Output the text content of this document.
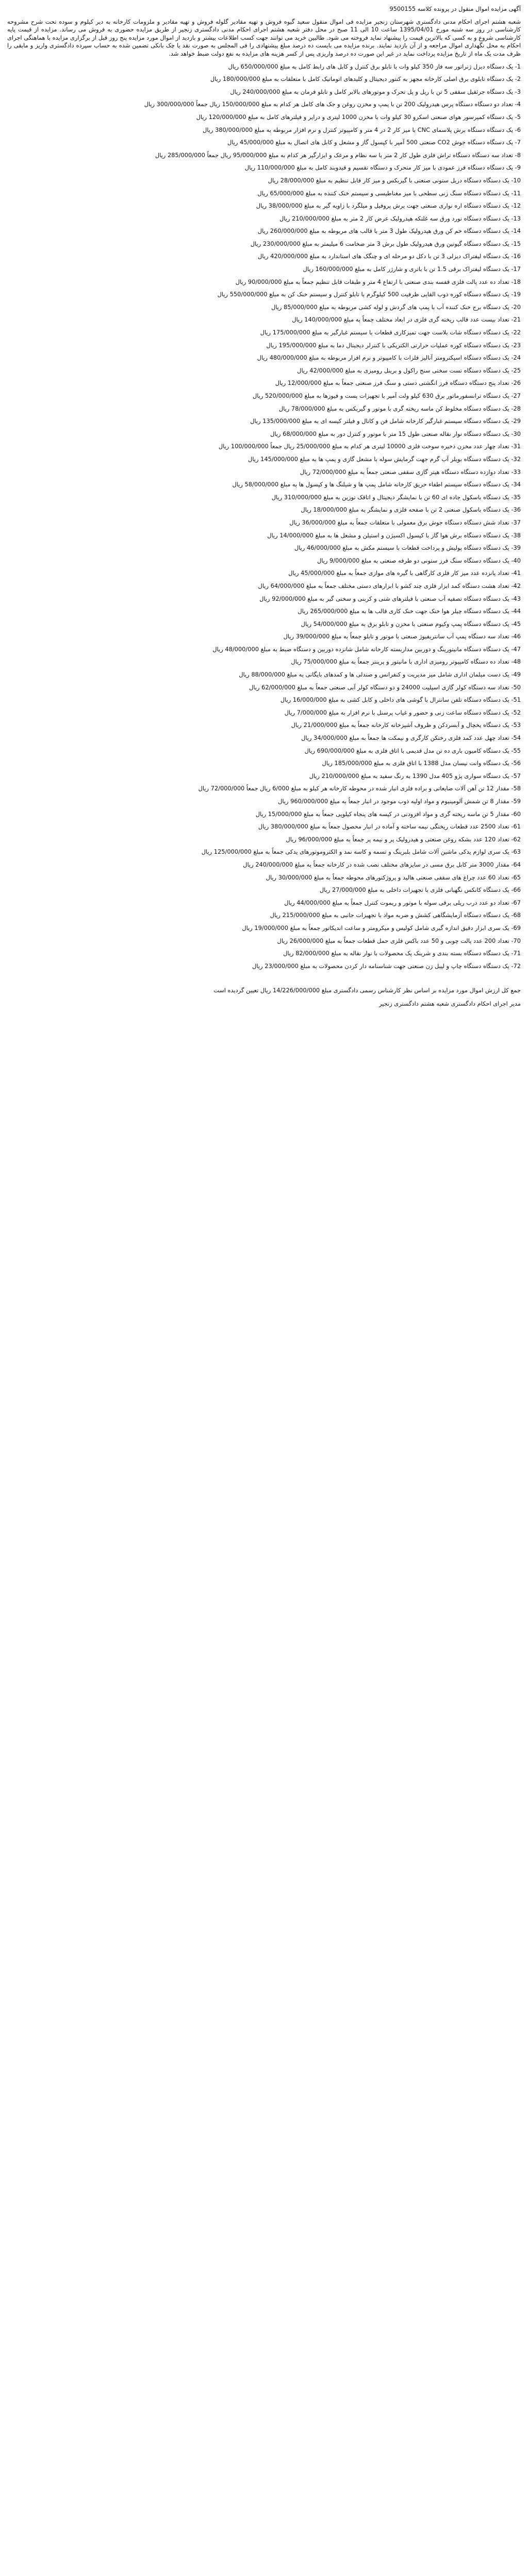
آگهی مزایده اموال منقول در پرونده کلاسه 9500155

شعبه هشتم اجرای احکام مدنی دادگستری شهرستان زنجیر مزایده فی اموال منقول سعید گیوه فروش و تهیه مقادیر گلوله فروش و تهیه مقادیر و ملزومات کارخانه به دیر کیلوم و سوده تحت شرح مشروحه کارشناسی در روز سه شنبه مورخ 1395/04/01 ساعت 10 الی 11 صبح در محل دفتر شعبه هشتم اجرای احکام مدنی دادگستری زنجیر از طریق مزایده حضوری به فروش می رساند. مزایده از قیمت پایه کارشناسی شروع و به کسی که بالاترین قیمت را پیشنهاد نماید فروخته می شود. طالبین خرید می توانند جهت کسب اطلاعات بیشتر و بازدید از اموال مورد مزایده پنج روز قبل از برگزاری مزایده با هماهنگی اجرای احکام به محل نگهداری اموال مراجعه و از آن بازدید نمایند. برنده مزایده می بایست ده درصد مبلغ پیشنهادی را فی المجلس به صورت نقد یا چک بانکی تضمین شده به حساب سپرده دادگستری واریز و مابقی را ظرف مدت یک ماه از تاریخ مزایده پرداخت نماید در غیر این صورت ده درصد واریزی پس از کسر هزینه های مزایده به نفع دولت ضبط خواهد شد.

1- یک دستگاه دیزل ژنراتور سه فاز 350 کیلو وات با تابلو برق کنترل و کابل های رابط کامل به مبلغ 650/000/000 ریال

2- یک دستگاه تابلوی برق اصلی کارخانه مجهز به کنتور دیجیتال و کلیدهای اتوماتیک کامل با متعلقات به مبلغ 180/000/000 ریال

3- یک دستگاه جرثقیل سقفی 5 تن با ریل و پل تحرک و موتورهای بالابر کامل و تابلو فرمان به مبلغ 240/000/000 ریال

4- تعداد دو دستگاه دستگاه پرس هیدرولیک 200 تن با پمپ و مخزن روغن و جک های کامل هر کدام به مبلغ 150/000/000 ریال جمعاً 300/000/000 ریال

5- یک دستگاه کمپرسور هوای صنعتی اسکرو 30 کیلو وات با مخزن 1000 لیتری و درایر و فیلترهای کامل به مبلغ 120/000/000 ریال

6- یک دستگاه دستگاه برش پلاسمای CNC با میز کار 2 در 4 متر و کامپیوتر کنترل و نرم افزار مربوطه به مبلغ 380/000/000 ریال

7- یک دستگاه دستگاه جوش CO2 صنعتی 500 آمپر با کپسول گاز و مشعل و کابل های اتصال به مبلغ 45/000/000 ریال

8- تعداد سه دستگاه دستگاه تراش فلزی طول کار 2 متر با سه نظام و مرغک و ابزارگیر هر کدام به مبلغ 95/000/000 ریال جمعاً 285/000/000 ریال

9- یک دستگاه دستگاه فرز عمودی با میز کار متحرک و دستگاه تقسیم و قیدوبند کامل به مبلغ 110/000/000 ریال

10- یک دستگاه دستگاه دریل ستونی صنعتی با گیربکس و میز کار قابل تنظیم به مبلغ 28/000/000 ریال

11- یک دستگاه دستگاه سنگ زنی سطحی با میز مغناطیسی و سیستم خنک کننده به مبلغ 65/000/000 ریال

12- یک دستگاه دستگاه اره نواری صنعتی جهت برش پروفیل و میلگرد با زاویه گیر به مبلغ 38/000/000 ریال

13- یک دستگاه دستگاه نورد ورق سه غلتکه هیدرولیک عرض کار 2 متر به مبلغ 210/000/000 ریال

14- یک دستگاه دستگاه خم کن ورق هیدرولیک طول 3 متر با قالب های مربوطه به مبلغ 260/000/000 ریال

15- یک دستگاه دستگاه گیوتین ورق هیدرولیک طول برش 3 متر ضخامت 6 میلیمتر به مبلغ 230/000/000 ریال

16- یک دستگاه لیفتراک دیزلی 3 تن با دکل دو مرحله ای و چنگک های استاندارد به مبلغ 420/000/000 ریال

17- یک دستگاه لیفتراک برقی 1.5 تن با باتری و شارژر کامل به مبلغ 160/000/000 ریال

18- تعداد ده عدد پالت فلزی قفسه بندی صنعتی با ارتفاع 4 متر و طبقات قابل تنظیم جمعاً به مبلغ 90/000/000 ریال

19- یک دستگاه دستگاه کوره ذوب القایی ظرفیت 500 کیلوگرم با تابلو کنترل و سیستم خنک کن به مبلغ 550/000/000 ریال

20- یک دستگاه برج خنک کننده آب با پمپ های گردش و لوله کشی مربوطه به مبلغ 85/000/000 ریال

21- تعداد بیست عدد قالب ریخته گری فلزی در ابعاد مختلف جمعاً به مبلغ 140/000/000 ریال

22- یک دستگاه دستگاه شات بلاست جهت تمیزکاری قطعات با سیستم غبارگیر به مبلغ 175/000/000 ریال

23- یک دستگاه دستگاه کوره عملیات حرارتی الکتریکی با کنترلر دیجیتال دما به مبلغ 195/000/000 ریال

24- یک دستگاه دستگاه اسپکترومتر آنالیز فلزات با کامپیوتر و نرم افزار مربوطه به مبلغ 480/000/000 ریال

25- یک دستگاه دستگاه تست سختی سنج راکول و برینل رومیزی به مبلغ 42/000/000 ریال

26- تعداد پنج دستگاه دستگاه فرز انگشتی دستی و سنگ فرز صنعتی جمعاً به مبلغ 12/000/000 ریال

27- یک دستگاه ترانسفورماتور برق 630 کیلو ولت آمپر با تجهیزات پست و فیوزها به مبلغ 520/000/000 ریال

28- یک دستگاه دستگاه مخلوط کن ماسه ریخته گری با موتور و گیربکس به مبلغ 78/000/000 ریال

29- یک دستگاه دستگاه سیستم غبارگیر کارخانه شامل فن و کانال و فیلتر کیسه ای به مبلغ 135/000/000 ریال

30- یک دستگاه دستگاه نوار نقاله صنعتی طول 15 متر با موتور و کنترل دور به مبلغ 68/000/000 ریال

31- تعداد چهار عدد مخزن ذخیره سوخت فلزی 10000 لیتری هر کدام به مبلغ 25/000/000 ریال جمعاً 100/000/000 ریال

32- یک دستگاه دستگاه بویلر آب گرم جهت گرمایش سوله با مشعل گازی و پمپ ها به مبلغ 145/000/000 ریال

33- تعداد دوازده دستگاه دستگاه هیتر گازی سقفی صنعتی جمعاً به مبلغ 72/000/000 ریال

34- یک دستگاه دستگاه سیستم اطفاء حریق کارخانه شامل پمپ ها و شیلنگ ها و کپسول ها به مبلغ 58/000/000 ریال

35- یک دستگاه باسکول جاده ای 60 تن با نمایشگر دیجیتال و اتاقک توزین به مبلغ 310/000/000 ریال

36- یک دستگاه باسکول صنعتی 2 تن با صفحه فلزی و نمایشگر به مبلغ 18/000/000 ریال

37- تعداد شش دستگاه دستگاه جوش برق معمولی با متعلقات جمعاً به مبلغ 36/000/000 ریال

38- یک دستگاه دستگاه برش هوا گاز با کپسول اکسیژن و استیلن و مشعل ها به مبلغ 14/000/000 ریال

39- یک دستگاه دستگاه پولیش و پرداخت قطعات با سیستم مکش به مبلغ 46/000/000 ریال

40- یک دستگاه دستگاه سنگ فرز ستونی دو طرفه صنعتی به مبلغ 9/000/000 ریال

41- تعداد پانزده عدد میز کار فلزی کارگاهی با گیره های موازی جمعاً به مبلغ 45/000/000 ریال

42- تعداد هشت دستگاه کمد ابزار فلزی چند کشو با ابزارهای دستی مختلف جمعاً به مبلغ 64/000/000 ریال

43- یک دستگاه دستگاه تصفیه آب صنعتی با فیلترهای شنی و کربنی و سختی گیر به مبلغ 92/000/000 ریال

44- یک دستگاه دستگاه چیلر هوا خنک جهت خنک کاری قالب ها به مبلغ 265/000/000 ریال

45- یک دستگاه دستگاه پمپ وکیوم صنعتی با مخزن و تابلو برق به مبلغ 54/000/000 ریال

46- تعداد سه دستگاه پمپ آب سانتریفیوژ صنعتی با موتور و تابلو جمعاً به مبلغ 39/000/000 ریال

47- یک دستگاه دستگاه مانیتورینگ و دوربین مداربسته کارخانه شامل شانزده دوربین و دستگاه ضبط به مبلغ 48/000/000 ریال

48- تعداد ده دستگاه کامپیوتر رومیزی اداری با مانیتور و پرینتر جمعاً به مبلغ 75/000/000 ریال

49- یک دست مبلمان اداری شامل میز مدیریت و کنفرانس و صندلی ها و کمدهای بایگانی به مبلغ 88/000/000 ریال

50- تعداد سه دستگاه کولر گازی اسپلیت 24000 و دو دستگاه کولر آبی صنعتی جمعاً به مبلغ 62/000/000 ریال

51- یک دستگاه دستگاه تلفن سانترال با گوشی های داخلی و کابل کشی به مبلغ 16/000/000 ریال

52- یک دستگاه دستگاه ساعت زنی و حضور و غیاب پرسنل با نرم افزار به مبلغ 7/000/000 ریال

53- یک دستگاه یخچال و آبسردکن و ظروف آشپزخانه کارخانه جمعاً به مبلغ 21/000/000 ریال

54- تعداد چهل عدد کمد فلزی رختکن کارگری و نیمکت ها جمعاً به مبلغ 34/000/000 ریال

55- یک دستگاه کامیون باری ده تن مدل قدیمی با اتاق فلزی به مبلغ 690/000/000 ریال

56- یک دستگاه وانت نیسان مدل 1388 با اتاق فلزی به مبلغ 185/000/000 ریال

57- یک دستگاه سواری پژو 405 مدل 1390 به رنگ سفید به مبلغ 210/000/000 ریال

58- مقدار 12 تن آهن آلات ضایعاتی و براده فلزی انبار شده در محوطه کارخانه هر کیلو به مبلغ 6/000 ریال جمعاً 72/000/000 ریال

59- مقدار 8 تن شمش آلومینیوم و مواد اولیه ذوب موجود در انبار جمعاً به مبلغ 960/000/000 ریال

60- مقدار 5 تن ماسه ریخته گری و مواد افزودنی در کیسه های پنجاه کیلویی جمعاً به مبلغ 15/000/000 ریال

61- تعداد 2500 عدد قطعات ریختگی نیمه ساخته و آماده در انبار محصول جمعاً به مبلغ 380/000/000 ریال

62- تعداد 120 عدد بشکه روغن صنعتی و هیدرولیک پر و نیمه پر جمعاً به مبلغ 96/000/000 ریال

63- یک سری لوازم یدکی ماشین آلات شامل بلبرینگ و تسمه و کاسه نمد و الکتروموتورهای یدکی جمعاً به مبلغ 125/000/000 ریال

64- مقدار 3000 متر کابل برق مسی در سایزهای مختلف نصب شده در کارخانه جمعاً به مبلغ 240/000/000 ریال

65- تعداد 60 عدد چراغ های سقفی صنعتی هالید و پروژکتورهای محوطه جمعاً به مبلغ 30/000/000 ریال

66- یک دستگاه کانکس نگهبانی فلزی با تجهیزات داخلی به مبلغ 27/000/000 ریال

67- تعداد دو عدد درب ریلی برقی سوله با موتور و ریموت کنترل جمعاً به مبلغ 44/000/000 ریال

68- یک دستگاه دستگاه آزمایشگاهی کشش و ضربه مواد با تجهیزات جانبی به مبلغ 215/000/000 ریال

69- یک سری ابزار دقیق اندازه گیری شامل کولیس و میکرومتر و ساعت اندیکاتور جمعاً به مبلغ 19/000/000 ریال

70- تعداد 200 عدد پالت چوبی و 50 عدد باکس فلزی حمل قطعات جمعاً به مبلغ 26/000/000 ریال

71- یک دستگاه دستگاه بسته بندی و شرینک پک محصولات با نوار نقاله به مبلغ 82/000/000 ریال

72- یک دستگاه دستگاه چاپ و لیبل زن صنعتی جهت شناسنامه دار کردن محصولات به مبلغ 23/000/000 ریال

جمع کل ارزش اموال مورد مزایده بر اساس نظر کارشناس رسمی دادگستری مبلغ 14/226/000/000 ریال تعیین گردیده است

مدیر اجرای احکام دادگستری شعبه هشتم دادگستری زنجیر
